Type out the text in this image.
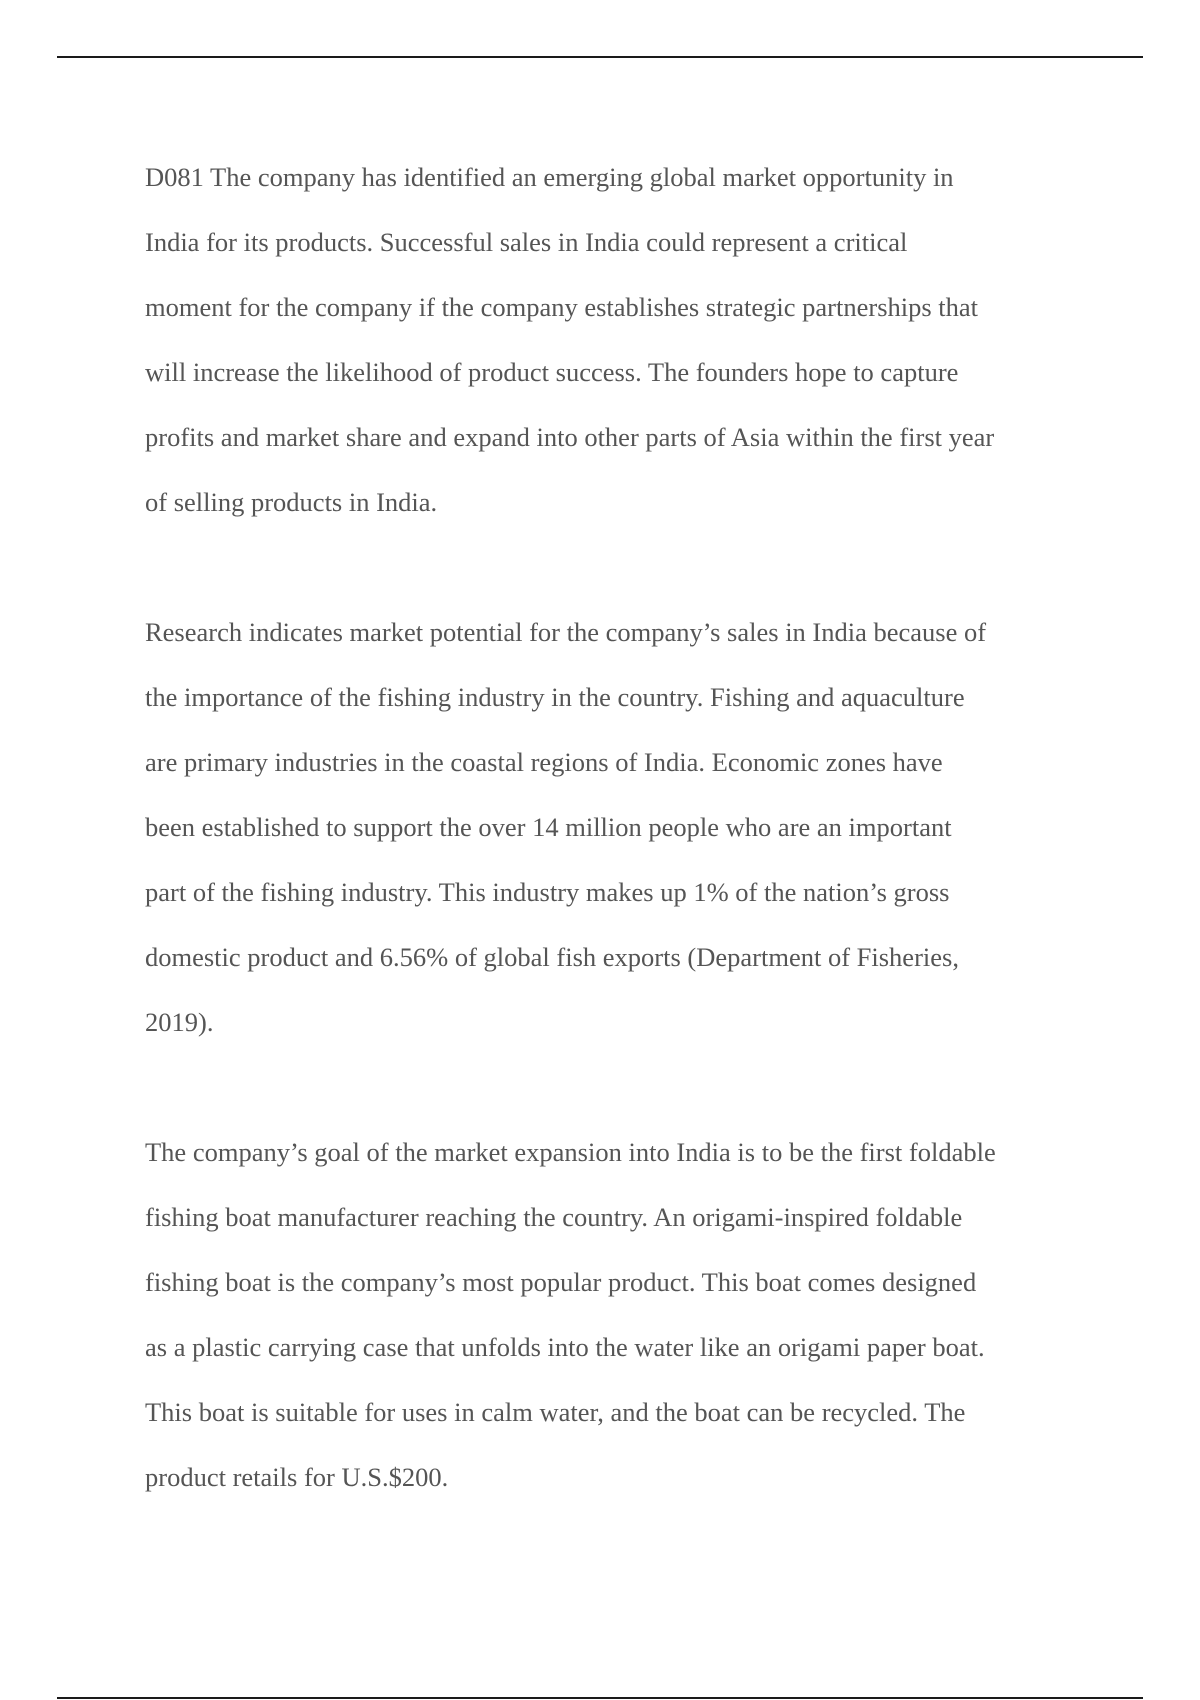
D081 The company has identified an emerging global market opportunity in
India for its products. Successful sales in India could represent a critical
moment for the company if the company establishes strategic partnerships that
will increase the likelihood of product success. The founders hope to capture
profits and market share and expand into other parts of Asia within the first year
of selling products in India.

Research indicates market potential for the company’s sales in India because of
the importance of the fishing industry in the country. Fishing and aquaculture
are primary industries in the coastal regions of India. Economic zones have
been established to support the over 14 million people who are an important
part of the fishing industry. This industry makes up 1% of the nation’s gross
domestic product and 6.56% of global fish exports (Department of Fisheries,
2019).

The company’s goal of the market expansion into India is to be the first foldable
fishing boat manufacturer reaching the country. An origami-inspired foldable
fishing boat is the company’s most popular product. This boat comes designed
as a plastic carrying case that unfolds into the water like an origami paper boat.
This boat is suitable for uses in calm water, and the boat can be recycled. The
product retails for U.S.$200.
